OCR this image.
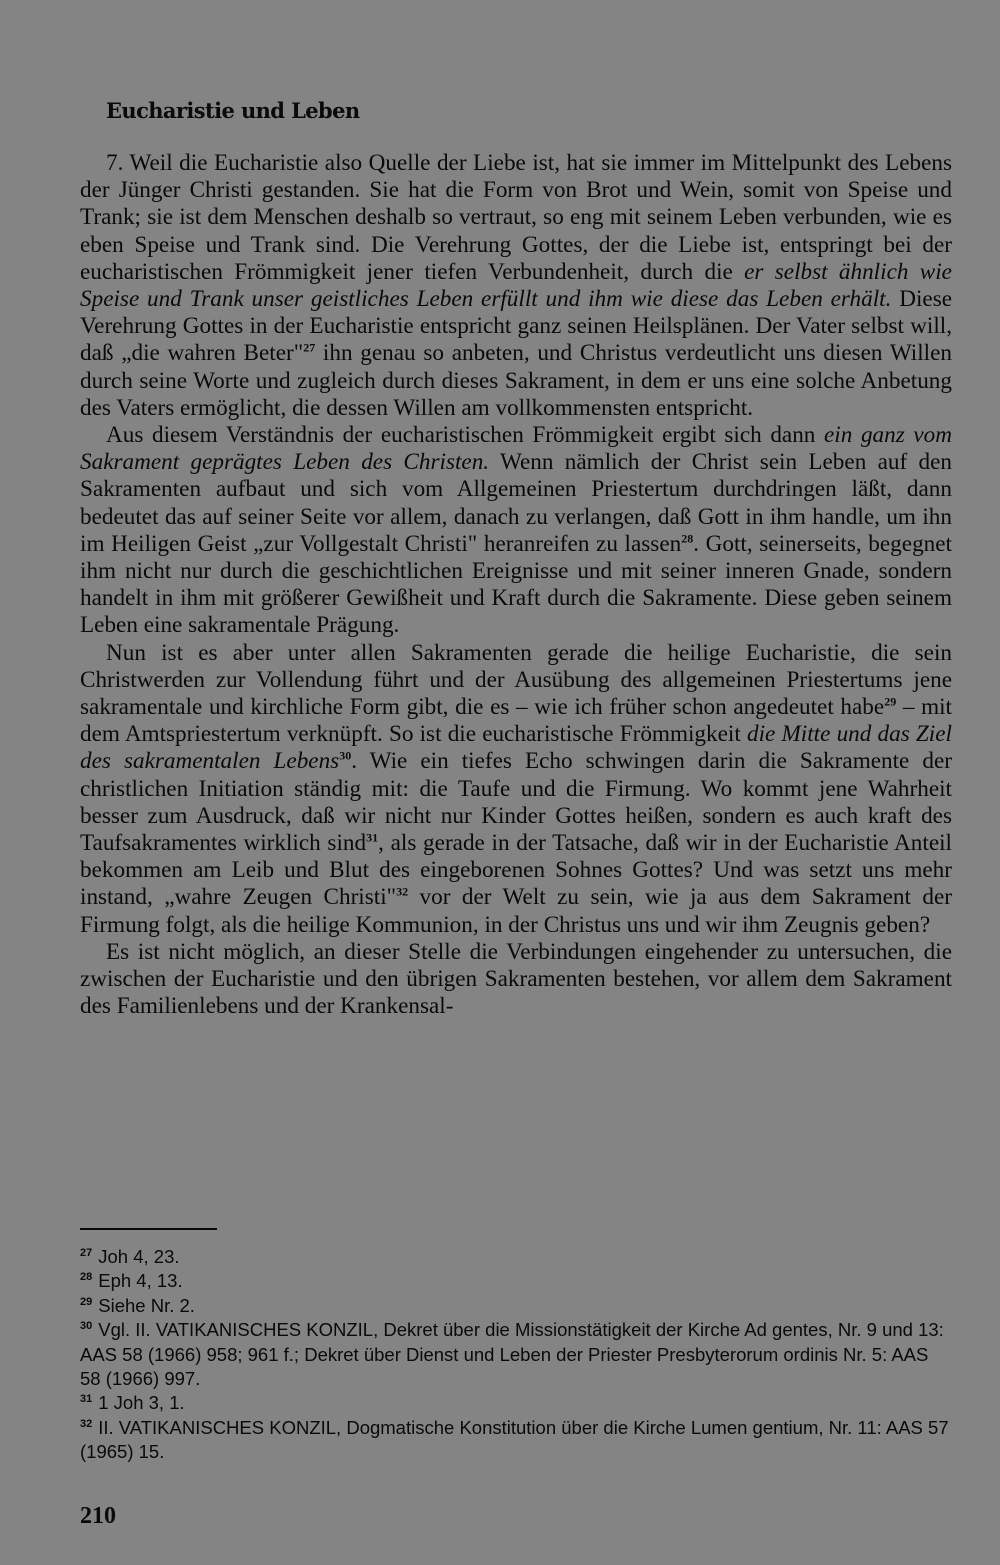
Eucharistie und Leben

7. Weil die Eucharistie also Quelle der Liebe ist, hat sie immer im Mittelpunkt des Lebens der Jünger Christi gestanden. Sie hat die Form von Brot und Wein, somit von Speise und Trank; sie ist dem Menschen deshalb so vertraut, so eng mit seinem Leben verbunden, wie es eben Speise und Trank sind. Die Verehrung Gottes, der die Liebe ist, entspringt bei der eucharistischen Frömmigkeit jener tiefen Verbundenheit, durch die er selbst ähnlich wie Speise und Trank unser geistliches Leben erfüllt und ihm wie diese das Leben erhält. Diese Verehrung Gottes in der Eucharistie entspricht ganz seinen Heilsplänen. Der Vater selbst will, daß „die wahren Beter"$^{27}$ ihn genau so anbeten, und Christus verdeutlicht uns diesen Willen durch seine Worte und zugleich durch dieses Sakrament, in dem er uns eine solche Anbetung des Vaters ermöglicht, die dessen Willen am vollkommensten entspricht.

Aus diesem Verständnis der eucharistischen Frömmigkeit ergibt sich dann ein ganz vom Sakrament geprägtes Leben des Christen. Wenn nämlich der Christ sein Leben auf den Sakramenten aufbaut und sich vom Allgemeinen Priestertum durchdringen läßt, dann bedeutet das auf seiner Seite vor allem, danach zu verlangen, daß Gott in ihm handle, um ihn im Heiligen Geist „zur Vollgestalt Christi" heranreifen zu lassen$^{28}$. Gott, seinerseits, begegnet ihm nicht nur durch die geschichtlichen Ereignisse und mit seiner inneren Gnade, sondern handelt in ihm mit größerer Gewißheit und Kraft durch die Sakramente. Diese geben seinem Leben eine sakramentale Prägung.

Nun ist es aber unter allen Sakramenten gerade die heilige Eucharistie, die sein Christwerden zur Vollendung führt und der Ausübung des allgemeinen Priestertums jene sakramentale und kirchliche Form gibt, die es – wie ich früher schon angedeutet habe$^{29}$ – mit dem Amtspriestertum verknüpft. So ist die eucharistische Frömmigkeit die Mitte und das Ziel des sakramentalen Lebens$^{30}$. Wie ein tiefes Echo schwingen darin die Sakramente der christlichen Initiation ständig mit: die Taufe und die Firmung. Wo kommt jene Wahrheit besser zum Ausdruck, daß wir nicht nur Kinder Gottes heißen, sondern es auch kraft des Taufsakramentes wirklich sind$^{31}$, als gerade in der Tatsache, daß wir in der Eucharistie Anteil bekommen am Leib und Blut des eingeborenen Sohnes Gottes? Und was setzt uns mehr instand, „wahre Zeugen Christi"$^{32}$ vor der Welt zu sein, wie ja aus dem Sakrament der Firmung folgt, als die heilige Kommunion, in der Christus uns und wir ihm Zeugnis geben?

Es ist nicht möglich, an dieser Stelle die Verbindungen eingehender zu untersuchen, die zwischen der Eucharistie und den übrigen Sakramenten bestehen, vor allem dem Sakrament des Familienlebens und der Krankensal-

$^{27}$ Joh 4, 23.

$^{28}$ Eph 4, 13.

$^{29}$ Siehe Nr. 2.

$^{30}$ Vgl. II. VATIKANISCHES KONZIL, Dekret über die Missionstätigkeit der Kirche Ad gentes, Nr. 9 und 13: AAS 58 (1966) 958; 961 f.; Dekret über Dienst und Leben der Priester Presbyterorum ordinis Nr. 5: AAS 58 (1966) 997.

$^{31}$ 1 Joh 3, 1.

$^{32}$ II. VATIKANISCHES KONZIL, Dogmatische Konstitution über die Kirche Lumen gentium, Nr. 11: AAS 57 (1965) 15.

210
